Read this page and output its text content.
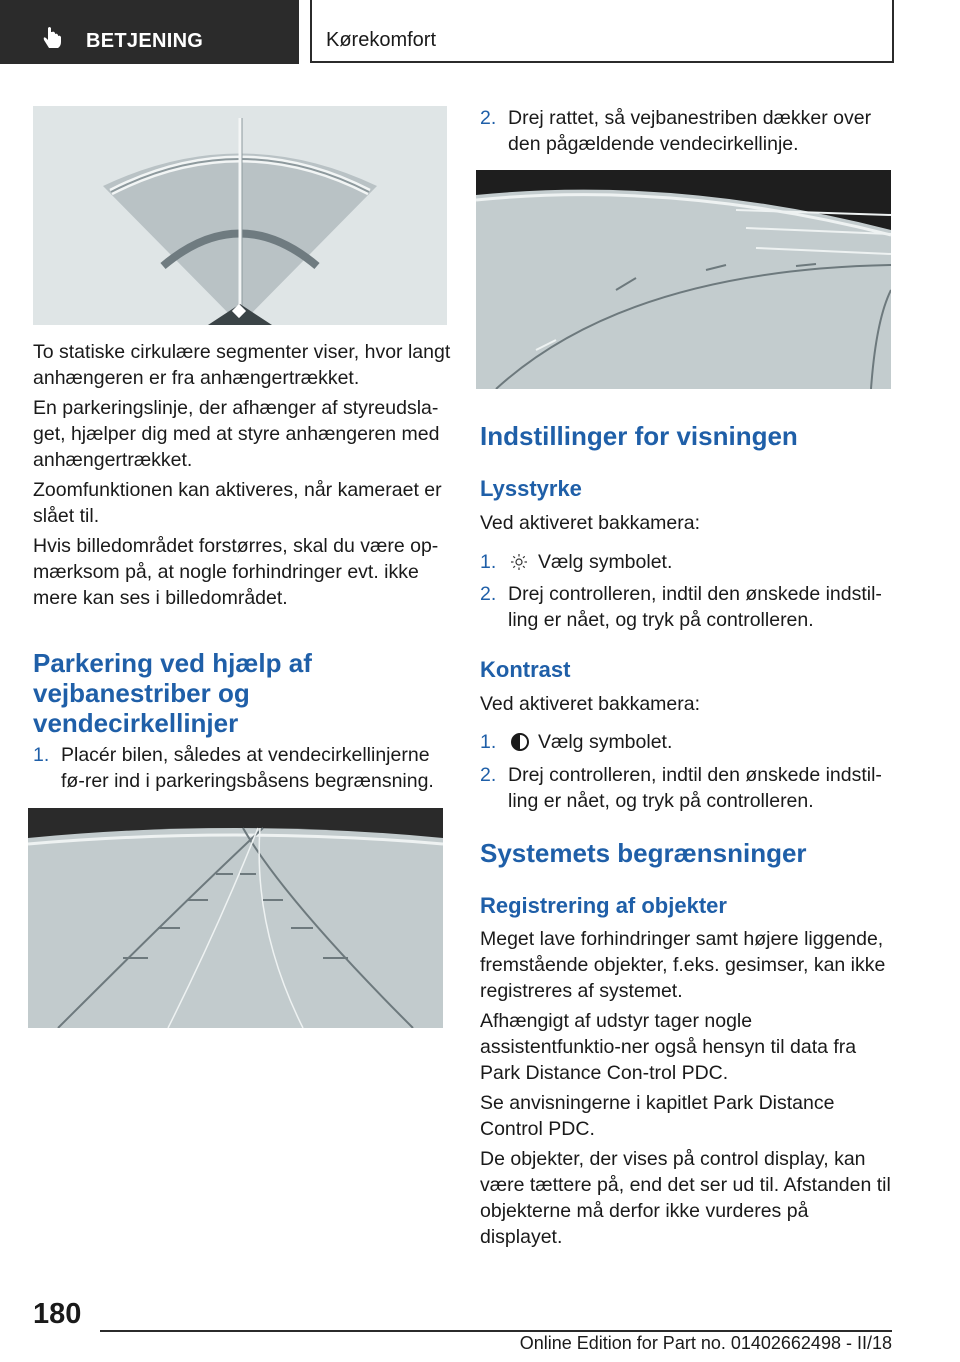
BETJENING	Kørekomfort

To statiske cirkulære segmenter viser, hvor langt anhængeren er fra anhængertrækket.

En parkeringslinje, der afhænger af styreudsla-get, hjælper dig med at styre anhængeren med anhængertrækket.

Zoomfunktionen kan aktiveres, når kameraet er slået til.

Hvis billedområdet forstørres, skal du være op-mærksom på, at nogle forhindringer evt. ikke mere kan ses i billedområdet.

Parkering ved hjælp af vejbanestriber og vendecirkellinjer
1. Placér bilen, således at vendecirkellinjerne fø-rer ind i parkeringsbåsens begrænsning.
2. Drej rattet, så vejbanestriben dækker over den pågældende vendecirkellinje.
Indstillinger for visningen
Lysstyrke

Ved aktiveret bakkamera:

1. Vælg symbolet.
2. Drej controlleren, indtil den ønskede indstil-ling er nået, og tryk på controlleren.
Kontrast

Ved aktiveret bakkamera:

1. Vælg symbolet.
2. Drej controlleren, indtil den ønskede indstil-ling er nået, og tryk på controlleren.
Systemets begrænsninger
Registrering af objekter

Meget lave forhindringer samt højere liggende, fremstående objekter, f.eks. gesimser, kan ikke registreres af systemet.

Afhængigt af udstyr tager nogle assistentfunktio-ner også hensyn til data fra Park Distance Con-trol PDC.

Se anvisningerne i kapitlet Park Distance Control PDC.

De objekter, der vises på control display, kan være tættere på, end det ser ud til. Afstanden til objekterne må derfor ikke vurderes på displayet.

180
Online Edition for Part no. 01402662498 - II/18
